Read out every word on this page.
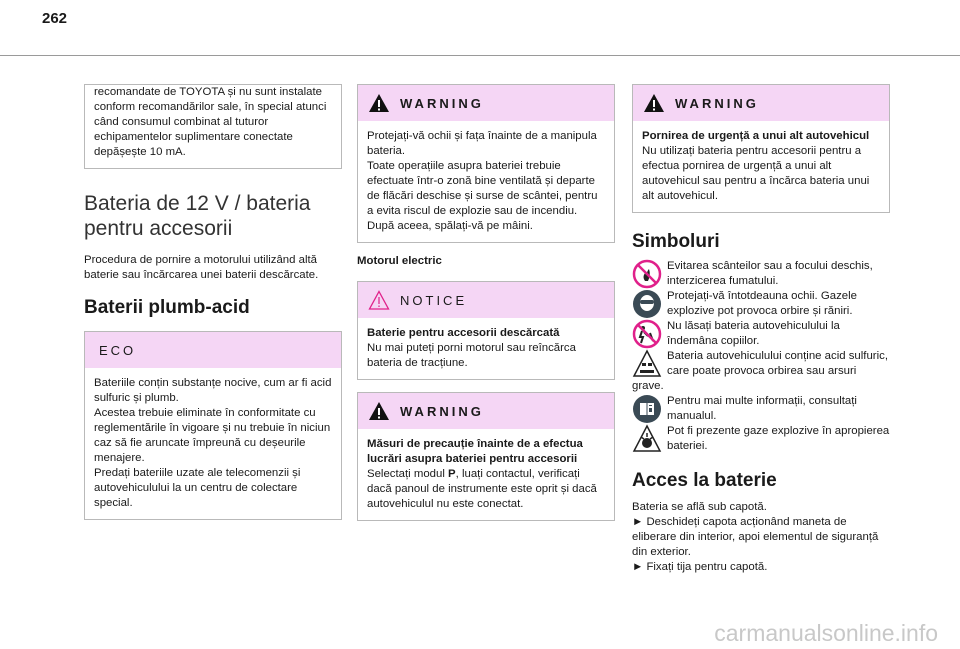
262
recomandate de TOYOTA și nu sunt instalate conform recomandărilor sale, în special atunci când consumul combinat al tuturor echipamentelor suplimentare conectate depășește 10 mA.
Bateria de 12 V / bateria pentru accesorii

Procedura de pornire a motorului utilizând altă baterie sau încărcarea unei baterii descărcate.

Baterii plumb-acid
ECO
Bateriile conțin substanțe nocive, cum ar fi acid sulfuric și plumb.
Acestea trebuie eliminate în conformitate cu reglementările în vigoare și nu trebuie în niciun caz să fie aruncate împreună cu deșeurile menajere.
Predați bateriile uzate ale telecomenzii și autovehiculului la un centru de colectare special.
WARNING
Protejați-vă ochii și fața înainte de a manipula bateria.
Toate operațiile asupra bateriei trebuie efectuate într-o zonă bine ventilată și departe de flăcări deschise și surse de scântei, pentru a evita riscul de explozie sau de incendiu.
După aceea, spălați-vă pe mâini.

Motorul electric

NOTICE
Baterie pentru accesorii descărcată
Nu mai puteți porni motorul sau reîncărca bateria de tracțiune.
WARNING
Măsuri de precauție înainte de a efectua lucrări asupra bateriei pentru accesorii
Selectați modul P, luați contactul, verificați dacă panoul de instrumente este oprit și dacă autovehiculul nu este conectat.
WARNING
Pornirea de urgență a unui alt autovehicul
Nu utilizați bateria pentru accesorii pentru a efectua pornirea de urgență a unui alt autovehicul sau pentru a încărca bateria unui alt autovehicul.
Simboluri
Evitarea scânteilor sau a focului deschis, interzicerea fumatului.
Protejați-vă întotdeauna ochii. Gazele explozive pot provoca orbire și răniri.
Nu lăsați bateria autovehiculului la îndemâna copiilor.
Bateria autovehiculului conține acid sulfuric, care poate provoca orbirea sau arsuri grave.
Pentru mai multe informații, consultați manualul.
Pot fi prezente gaze explozive în apropierea bateriei.
Acces la baterie
Bateria se află sub capotă.
► Deschideți capota acționând maneta de eliberare din interior, apoi elementul de siguranță din exterior.
► Fixați tija pentru capotă.
carmanualsonline.info
